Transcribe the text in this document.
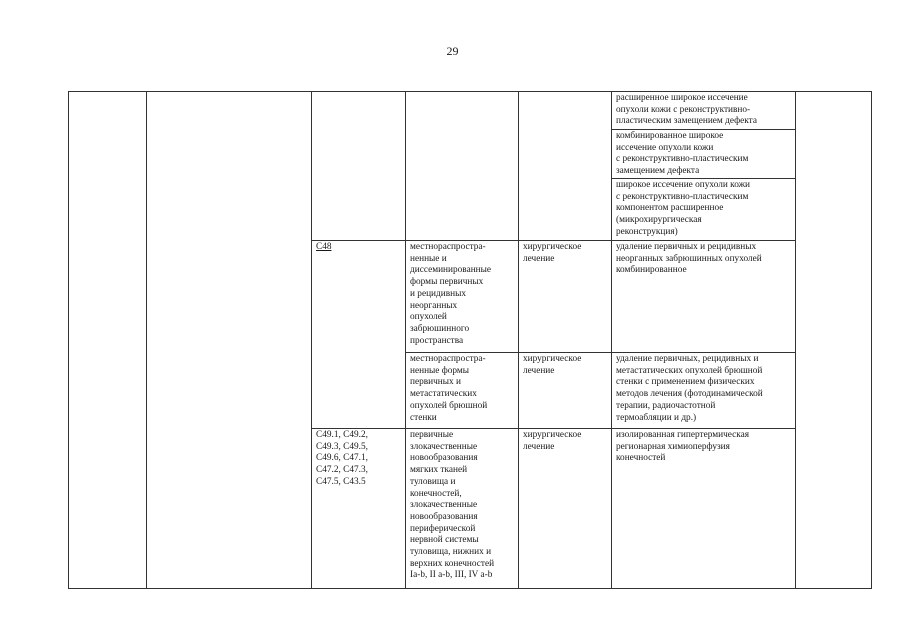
29
расширенное широкое иссечение
опухоли кожи с реконструктивно-
пластическим замещением дефекта
комбинированное широкое
иссечение опухоли кожи
с реконструктивно-пластическим
замещением дефекта
широкое иссечение опухоли кожи
с реконструктивно-пластическим
компонентом расширенное
(микрохирургическая
реконструкция)
C48	местнораспростра-
ненные и
диссеминированные
формы первичных
и рецидивных
неорганных
опухолей
забрюшинного
пространства
хирургическое
лечение
удаление первичных и рецидивных
неорганных забрюшинных опухолей
комбинированное
местнораспростра-
ненные формы
первичных и
метастатических
опухолей брюшной
стенки
хирургическое
лечение
удаление первичных, рецидивных и
метастатических опухолей брюшной
стенки с применением физических
методов лечения (фотодинамической
терапии, радиочастотной
термоабляции и др.)
C49.1, C49.2,
C49.3, C49.5,
C49.6, C47.1,
C47.2, C47.3,
C47.5, C43.5
первичные
злокачественные
новообразования
мягких тканей
туловища и
конечностей,
злокачественные
новообразования
периферической
нервной системы
туловища, нижних и
верхних конечностей
Ia-b, II a-b, III, IV a-b
хирургическое
лечение
изолированная гипертермическая
регионарная химиоперфузия
конечностей
